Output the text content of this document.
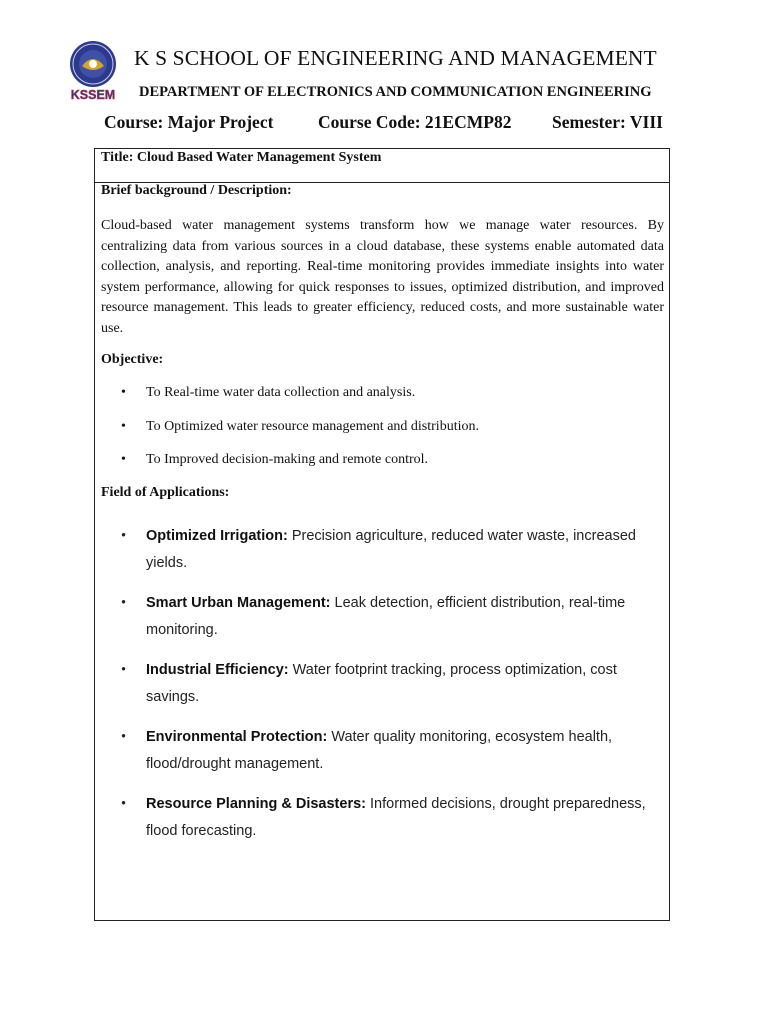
KSSEM
K S SCHOOL OF ENGINEERING AND MANAGEMENT
DEPARTMENT OF ELECTRONICS AND COMMUNICATION ENGINEERING
Course: Major Project	Course Code: 21ECMP82 Semester: VIII
Title: Cloud Based Water Management System
Brief background / Description:
Cloud-based water management systems transform how we manage water resources. By centralizing data from various sources in a cloud database, these systems enable automated data collection, analysis, and reporting. Real-time monitoring provides immediate insights into water system performance, allowing for quick responses to issues, optimized distribution, and improved resource management. This leads to greater efficiency, reduced costs, and more sustainable water use.
Objective:
• To Real-time water data collection and analysis.
• To Optimized water resource management and distribution.
• To Improved decision-making and remote control.
Field of Applications:
• Optimized Irrigation: Precision agriculture, reduced water waste, increased yields.
• Smart Urban Management: Leak detection, efficient distribution, real-time monitoring.
• Industrial Efficiency: Water footprint tracking, process optimization, cost savings.
• Environmental Protection: Water quality monitoring, ecosystem health, flood/drought management.
• Resource Planning & Disasters: Informed decisions, drought preparedness, flood forecasting.
